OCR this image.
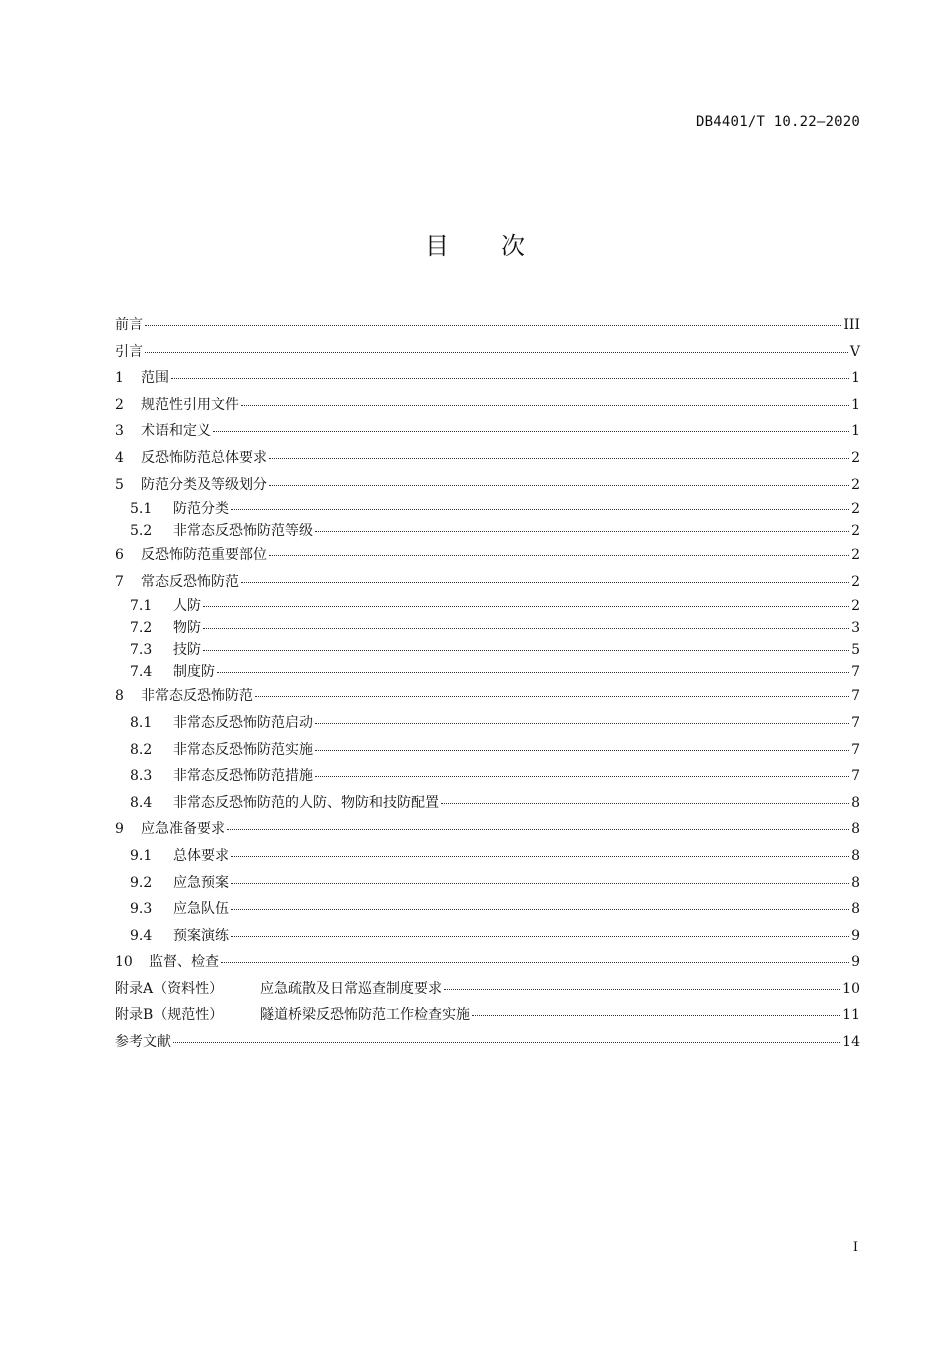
DB4401/T 10.22—2020
目次
前言	III
引言	V
1	范围	1
2	规范性引用文件	1
3	术语和定义	1
4	反恐怖防范总体要求	2
5	防范分类及等级划分	2
5.1	防范分类	2
5.2	非常态反恐怖防范等级	2
6	反恐怖防范重要部位	2
7	常态反恐怖防范	2
7.1	人防	2
7.2	物防	3
7.3	技防	5
7.4	制度防	7
8	非常态反恐怖防范	7
8.1	非常态反恐怖防范启动	7
8.2	非常态反恐怖防范实施	7
8.3	非常态反恐怖防范措施	7
8.4	非常态反恐怖防范的人防、物防和技防配置	8
9	应急准备要求	8
9.1	总体要求	8
9.2	应急预案	8
9.3	应急队伍	8
9.4	预案演练	9
10	监督、检查	9
附录A（资料性）	应急疏散及日常巡查制度要求	10
附录B（规范性）	隧道桥梁反恐怖防范工作检查实施	11
参考文献	14
I
